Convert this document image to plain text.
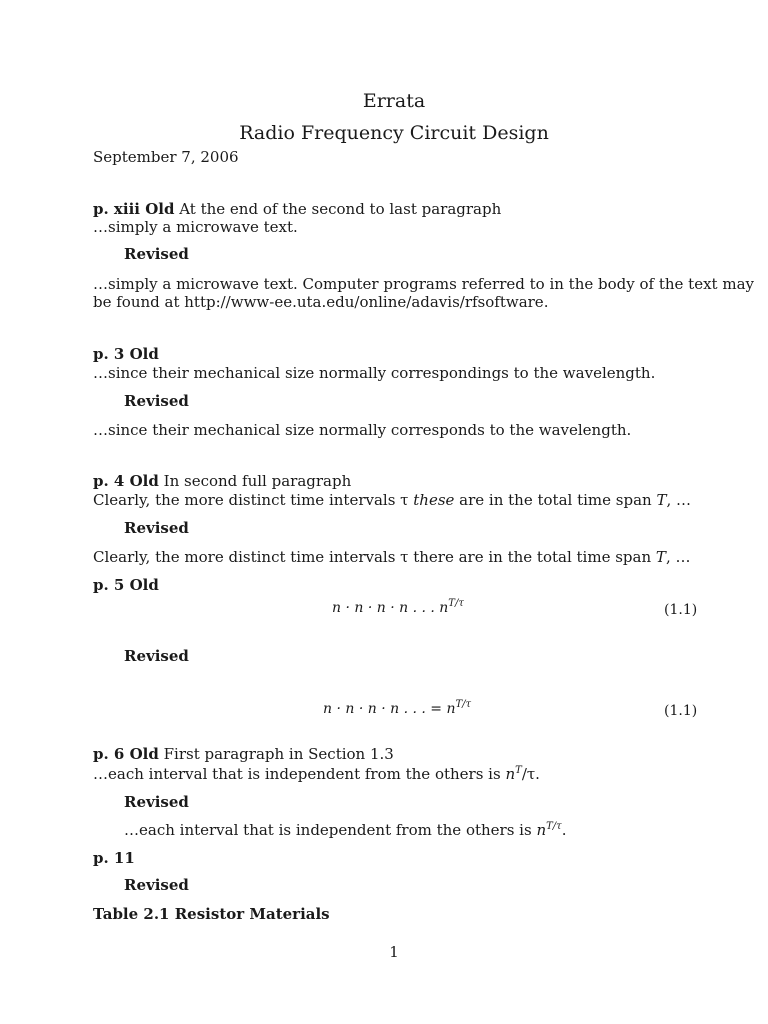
Errata
Radio Frequency Circuit Design
September 7, 2006
p. xiii Old At the end of the second to last paragraph
…simply a microwave text.
Revised
…simply a microwave text. Computer programs referred to in the body of the text may
be found at http://www-ee.uta.edu/online/adavis/rfsoftware.
p. 3 Old
…since their mechanical size normally correspondings to the wavelength.
Revised
…since their mechanical size normally corresponds to the wavelength.
p. 4 Old In second full paragraph
Clearly, the more distinct time intervals τ these are in the total time span T, …
Revised
Clearly, the more distinct time intervals τ there are in the total time span T, …
p. 5 Old
n · n · n · n . . . $n^{T/\tau}$	(1.1)
Revised
n · n · n · n . . . = $n^{T/\tau}$	(1.1)
p. 6 Old First paragraph in Section 1.3
…each interval that is independent from the others is $n^T/\tau$.
Revised
…each interval that is independent from the others is $n^{T/\tau}$.
p. 11
Revised
Table 2.1 Resistor Materials
1
